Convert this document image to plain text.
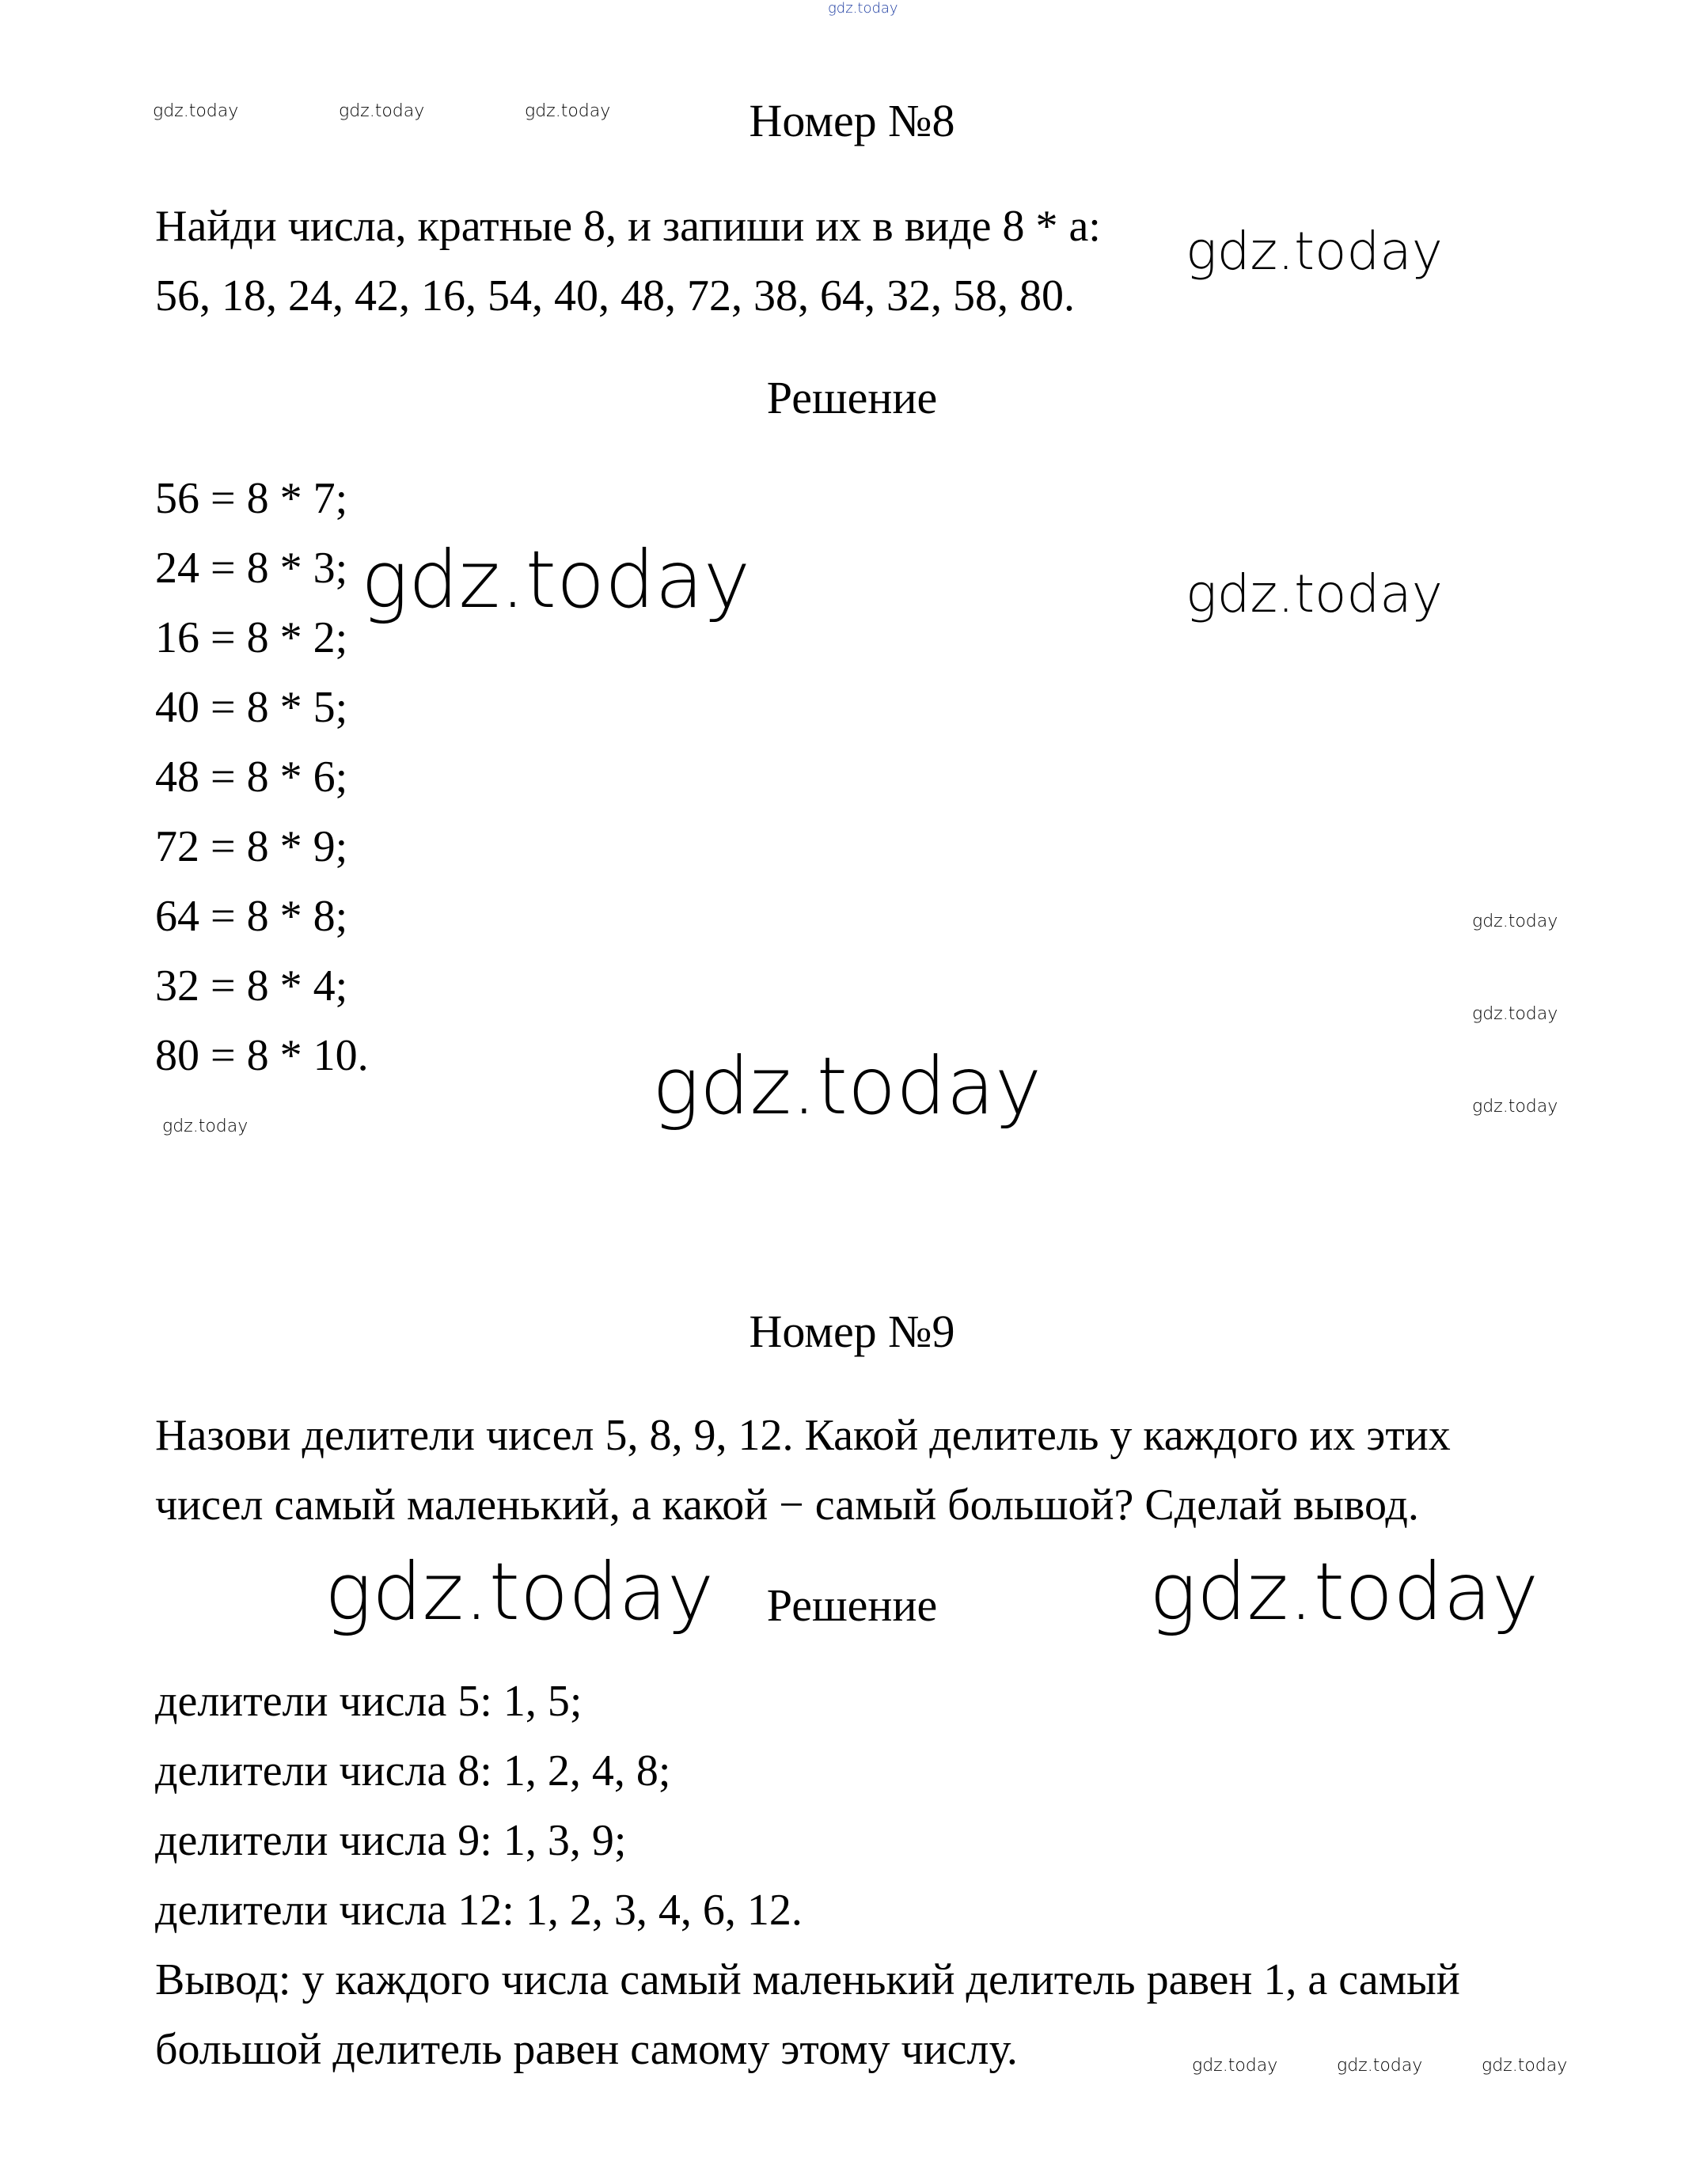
gdz.today
gdz.today	gdz.today	gdz.today
gdz.today
gdz.today	gdz.today
gdz.today
gdz.today
gdz.today	gdz.today
gdz.today
gdz.today	gdz.today
gdz.today	gdz.today	gdz.today
Номер №8
Найди числа, кратные 8, и запиши их в виде 8 * а:
56, 18, 24, 42, 16, 54, 40, 48, 72, 38, 64, 32, 58, 80.
Решение
56 = 8 * 7;
24 = 8 * 3;
16 = 8 * 2;
40 = 8 * 5;
48 = 8 * 6;
72 = 8 * 9;
64 = 8 * 8;
32 = 8 * 4;
80 = 8 * 10.
Номер №9
Назови делители чисел 5, 8, 9, 12. Какой делитель у каждого их этих
чисел самый маленький, а какой − самый большой? Сделай вывод.
Решение
делители числа 5: 1, 5;
делители числа 8: 1, 2, 4, 8;
делители числа 9: 1, 3, 9;
делители числа 12: 1, 2, 3, 4, 6, 12.
Вывод: у каждого числа самый маленький делитель равен 1, а самый
большой делитель равен самому этому числу.
